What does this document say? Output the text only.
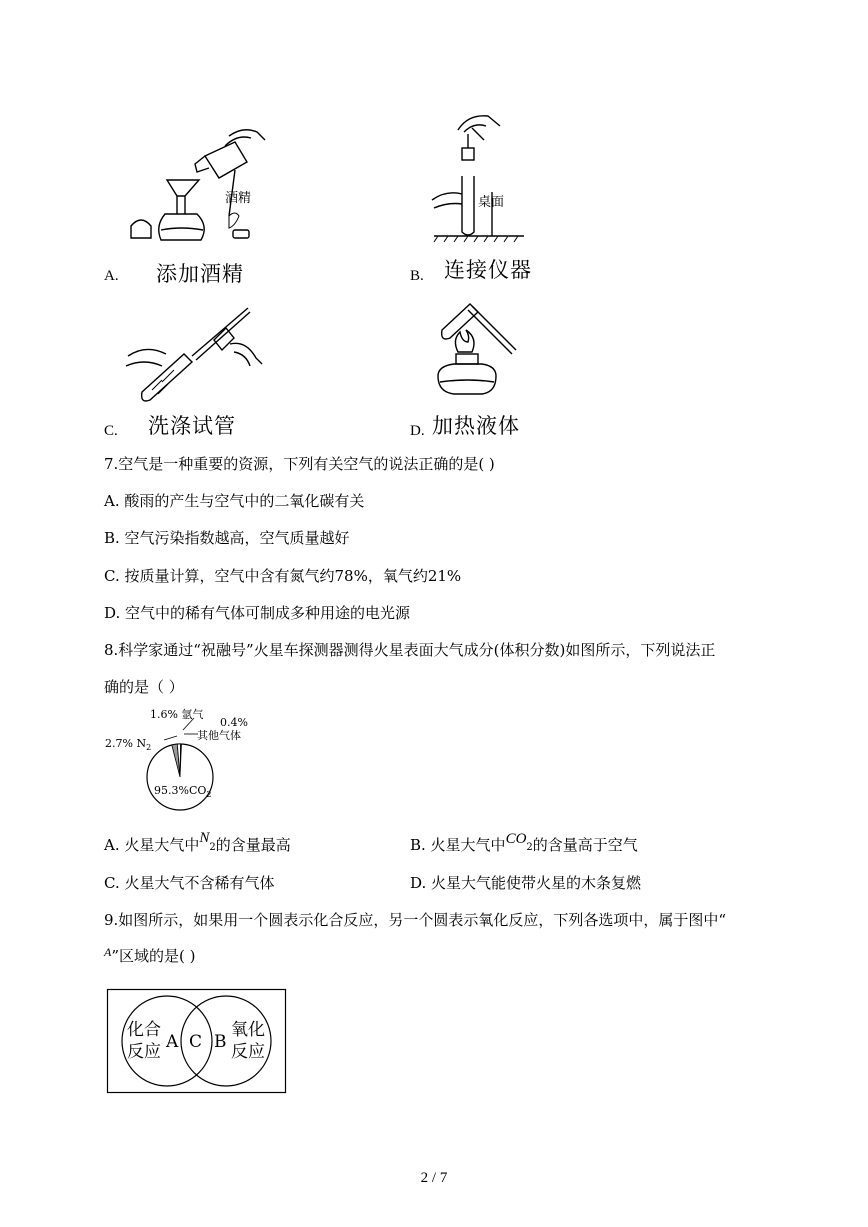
酒精
A. 添加酒精
桌面
B. 连接仪器
C. 洗涤试管	D. 加热液体
7.空气是一种重要的资源，下列有关空气的说法正确的是( )
A. 酸雨的产生与空气中的二氧化碳有关
B. 空气污染指数越高，空气质量越好
C. 按质量计算，空气中含有氮气约78%，氧气约21%
D. 空气中的稀有气体可制成多种用途的电光源
8.科学家通过“祝融号”火星车探测器测得火星表面大气成分(体积分数)如图所示，下列说法正
确的是（ ）
1.6% 氩气
0.4%
其他气体
2.7% $N_2$
$95.3\%CO_2$
A. 火星大气中N2的含量最高	B. 火星大气中CO2的含量高于空气
C. 火星大气不含稀有气体	D. 火星大气能使带火星的木条复燃
9.如图所示，如果用一个圆表示化合反应，另一个圆表示氧化反应，下列各选项中，属于图中“
$^A$”区域的是( )
化合
反应 A C B
氧化
反应
2 / 7
